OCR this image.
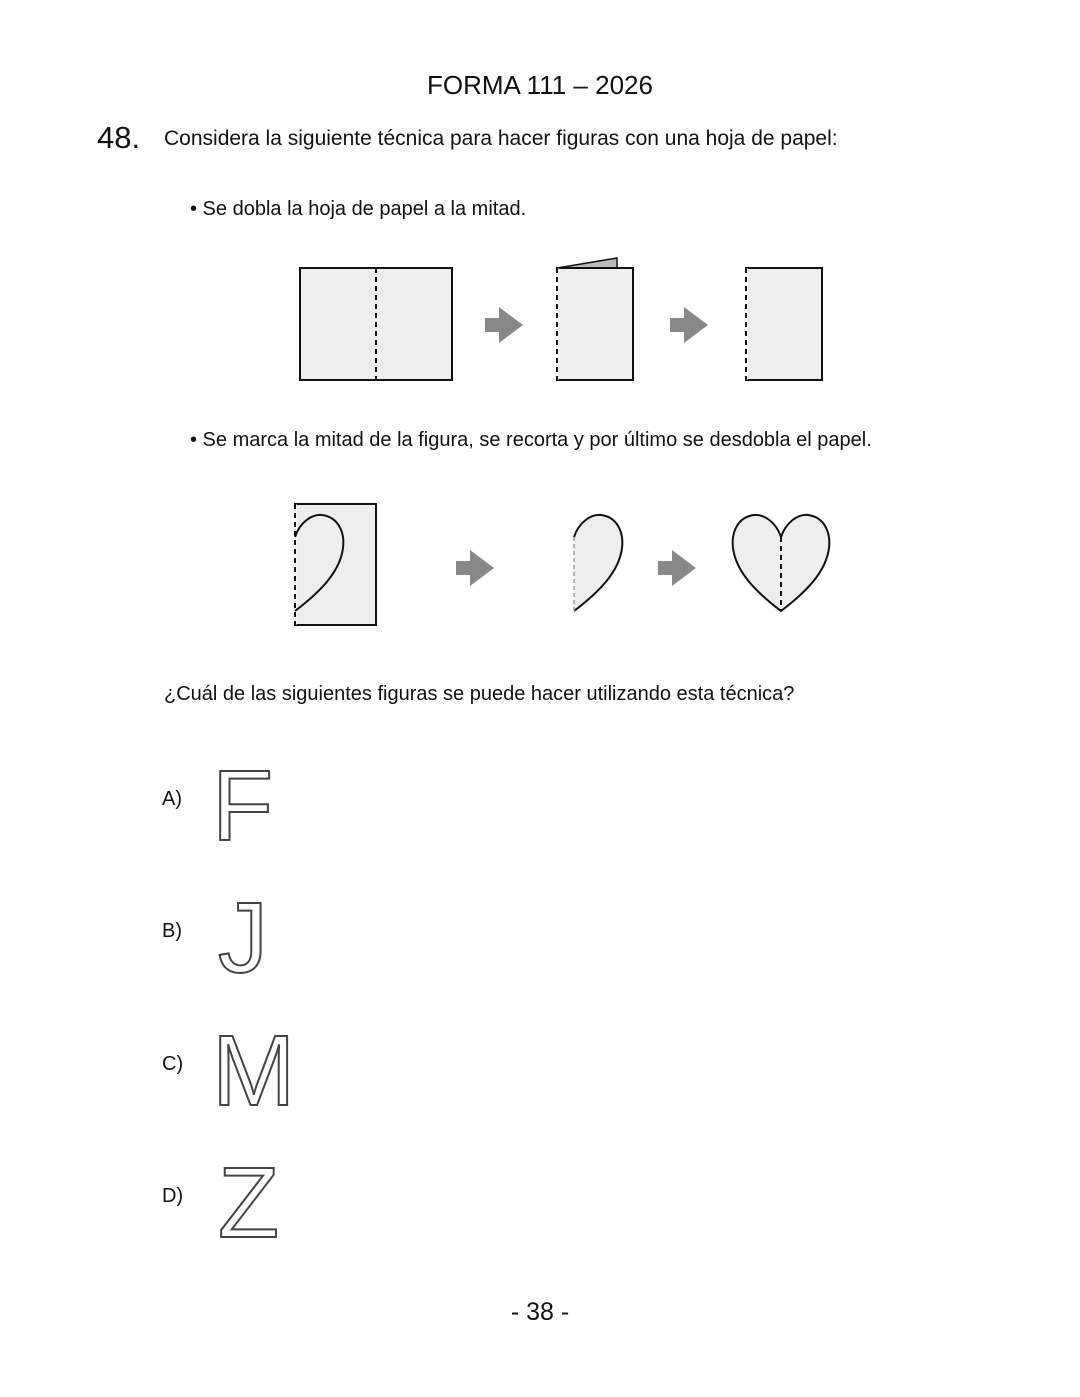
FORMA 111 – 2026
48. Considera la siguiente técnica para hacer figuras con una hoja de papel:
• Se dobla la hoja de papel a la mitad.
• Se marca la mitad de la figura, se recorta y por último se desdobla el papel.
¿Cuál de las siguientes figuras se puede hacer utilizando esta técnica?
A)
B)
C)
D)
- 38 -
F
J
M
Z
